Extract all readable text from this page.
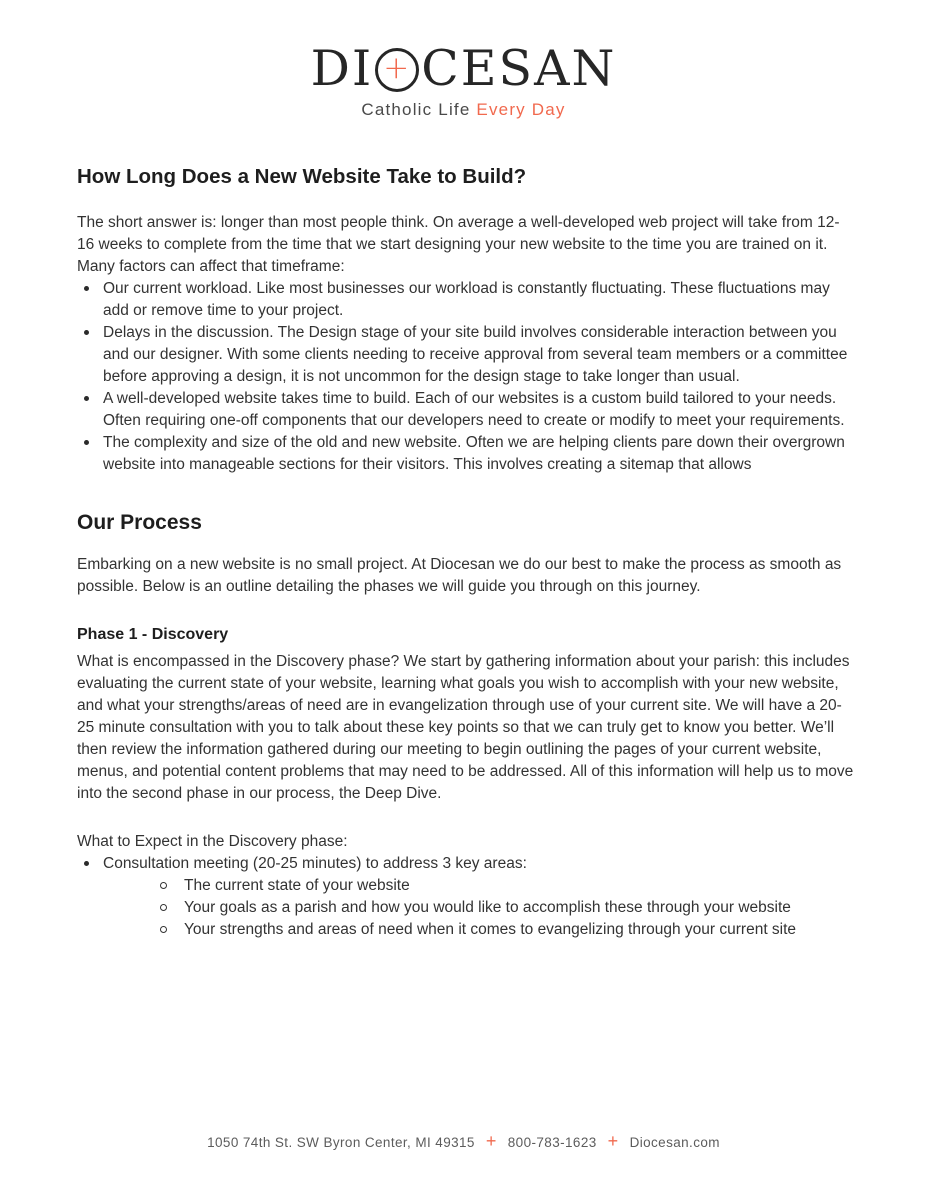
DI + CESAN
Catholic Life Every Day
How Long Does a New Website Take to Build?

The short answer is: longer than most people think. On average a well-developed web project will take from 12-16 weeks to complete from the time that we start designing your new website to the time you are trained on it. Many factors can affect that timeframe:

Our current workload. Like most businesses our workload is constantly fluctuating. These fluctuations may add or remove time to your project.
Delays in the discussion. The Design stage of your site build involves considerable interaction between you and our designer. With some clients needing to receive approval from several team members or a committee before approving a design, it is not uncommon for the design stage to take longer than usual.
A well-developed website takes time to build. Each of our websites is a custom build tailored to your needs. Often requiring one-off components that our developers need to create or modify to meet your requirements.
The complexity and size of the old and new website. Often we are helping clients pare down their overgrown website into manageable sections for their visitors. This involves creating a sitemap that allows
Our Process

Embarking on a new website is no small project. At Diocesan we do our best to make the process as smooth as possible. Below is an outline detailing the phases we will guide you through on this journey.

Phase 1 - Discovery

What is encompassed in the Discovery phase? We start by gathering information about your parish: this includes evaluating the current state of your website, learning what goals you wish to accomplish with your new website, and what your strengths/areas of need are in evangelization through use of your current site. We will have a 20-25 minute consultation with you to talk about these key points so that we can truly get to know you better. We’ll then review the information gathered during our meeting to begin outlining the pages of your current website, menus, and potential content problems that may need to be addressed. All of this information will help us to move into the second phase in our process, the Deep Dive.

What to Expect in the Discovery phase:

Consultation meeting (20-25 minutes) to address 3 key areas:
The current state of your website
Your goals as a parish and how you would like to accomplish these through your website
Your strengths and areas of need when it comes to evangelizing through your current site
1050 74th St. SW Byron Center, MI 49315 + 800-783-1623 + Diocesan.com
